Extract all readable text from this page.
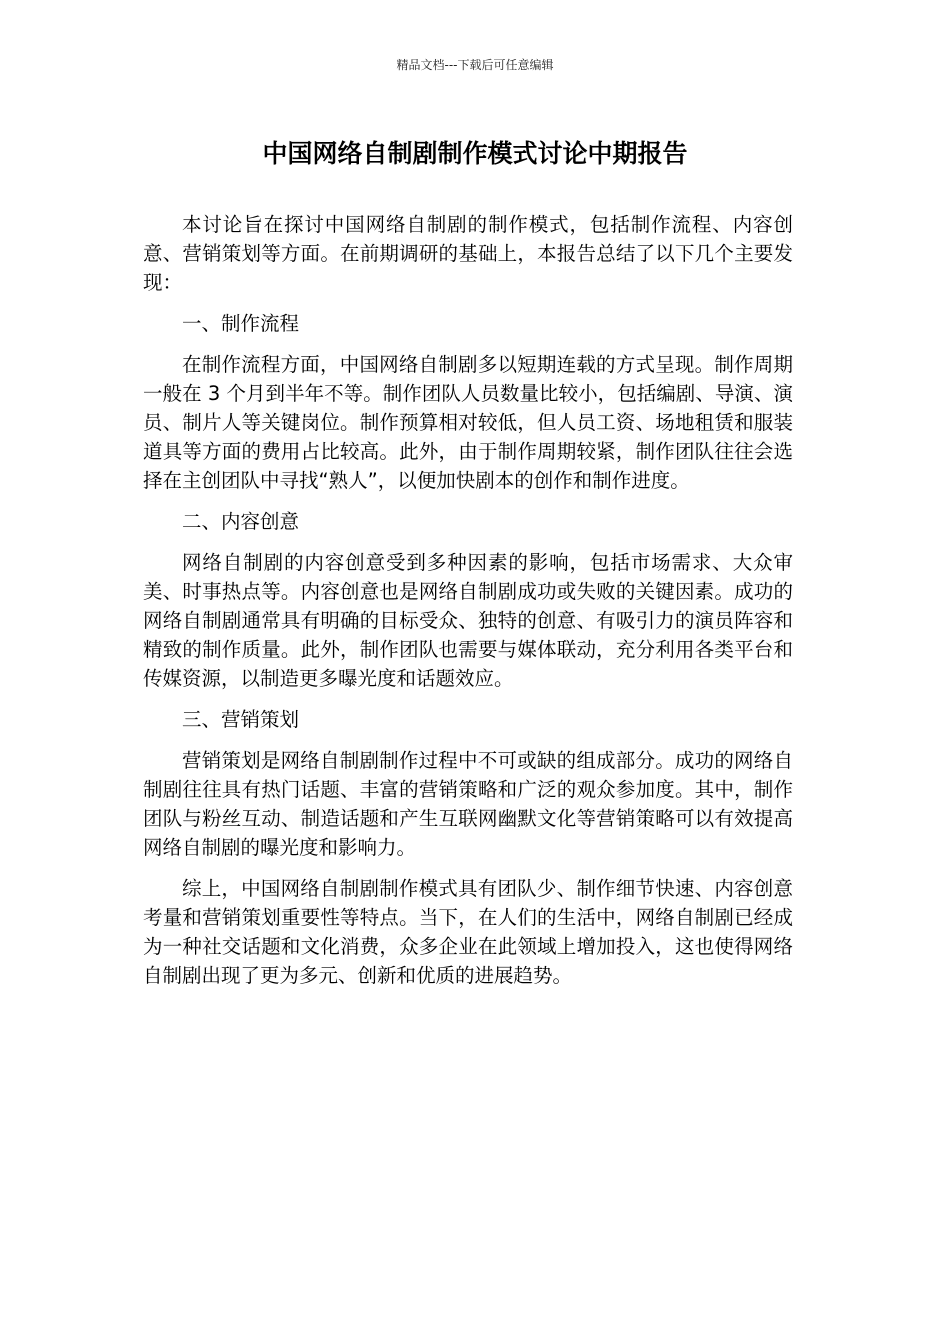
精品文档---下载后可任意编辑
中国网络自制剧制作模式讨论中期报告

本讨论旨在探讨中国网络自制剧的制作模式，包括制作流程、内容创意、营销策划等方面。在前期调研的基础上，本报告总结了以下几个主要发现：

一、制作流程

在制作流程方面，中国网络自制剧多以短期连载的方式呈现。制作周期一般在 3 个月到半年不等。制作团队人员数量比较小，包括编剧、导演、演员、制片人等关键岗位。制作预算相对较低，但人员工资、场地租赁和服装道具等方面的费用占比较高。此外，由于制作周期较紧，制作团队往往会选择在主创团队中寻找“熟人”，以便加快剧本的创作和制作进度。

二、内容创意

网络自制剧的内容创意受到多种因素的影响，包括市场需求、大众审美、时事热点等。内容创意也是网络自制剧成功或失败的关键因素。成功的网络自制剧通常具有明确的目标受众、独特的创意、有吸引力的演员阵容和精致的制作质量。此外，制作团队也需要与媒体联动，充分利用各类平台和传媒资源，以制造更多曝光度和话题效应。

三、营销策划

营销策划是网络自制剧制作过程中不可或缺的组成部分。成功的网络自制剧往往具有热门话题、丰富的营销策略和广泛的观众参加度。其中，制作团队与粉丝互动、制造话题和产生互联网幽默文化等营销策略可以有效提高网络自制剧的曝光度和影响力。

综上，中国网络自制剧制作模式具有团队少、制作细节快速、内容创意考量和营销策划重要性等特点。当下，在人们的生活中，网络自制剧已经成为一种社交话题和文化消费，众多企业在此领域上增加投入，这也使得网络自制剧出现了更为多元、创新和优质的进展趋势。
